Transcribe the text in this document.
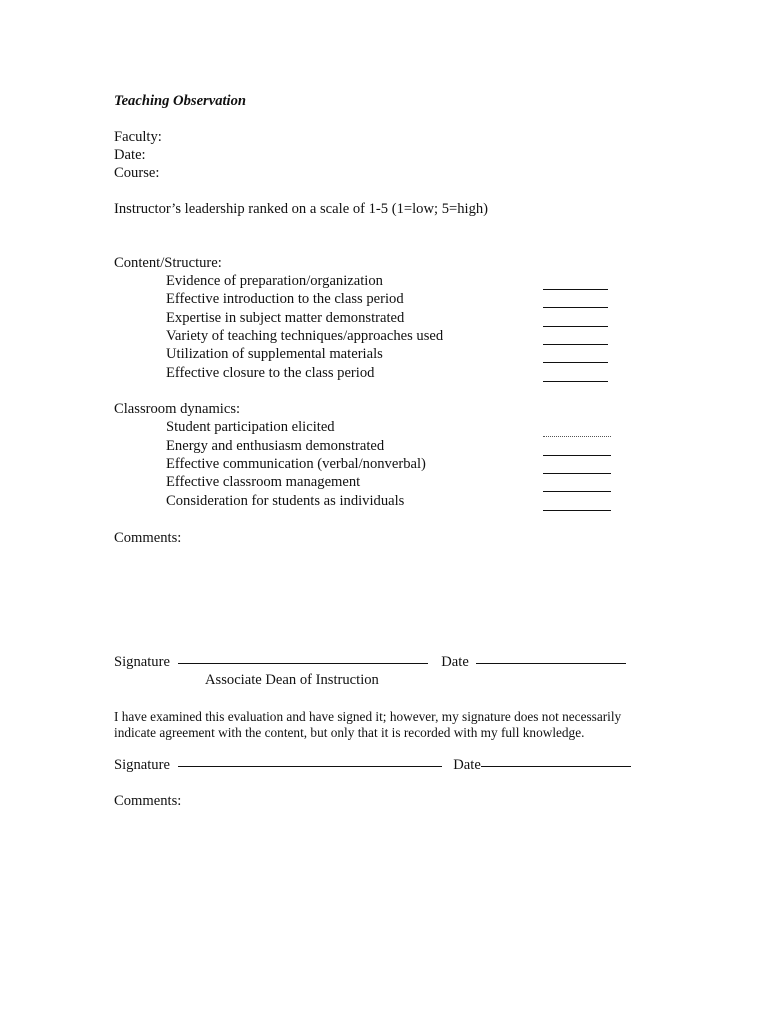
Teaching Observation
Faculty:
Date:
Course:
Instructor’s leadership ranked on a scale of 1-5 (1=low; 5=high)
Content/Structure:
Evidence of preparation/organization
Effective introduction to the class period
Expertise in subject matter demonstrated
Variety of teaching techniques/approaches used
Utilization of supplemental materials
Effective closure to the class period
Classroom dynamics:
Student participation elicited
Energy and enthusiasm demonstrated
Effective communication (verbal/nonverbal)
Effective classroom management
Consideration for students as individuals
Comments:
Signature	Date
Associate Dean of Instruction
I have examined this evaluation and have signed it; however, my signature does not necessarily
indicate agreement with the content, but only that it is recorded with my full knowledge.
Signature	Date
Comments:
